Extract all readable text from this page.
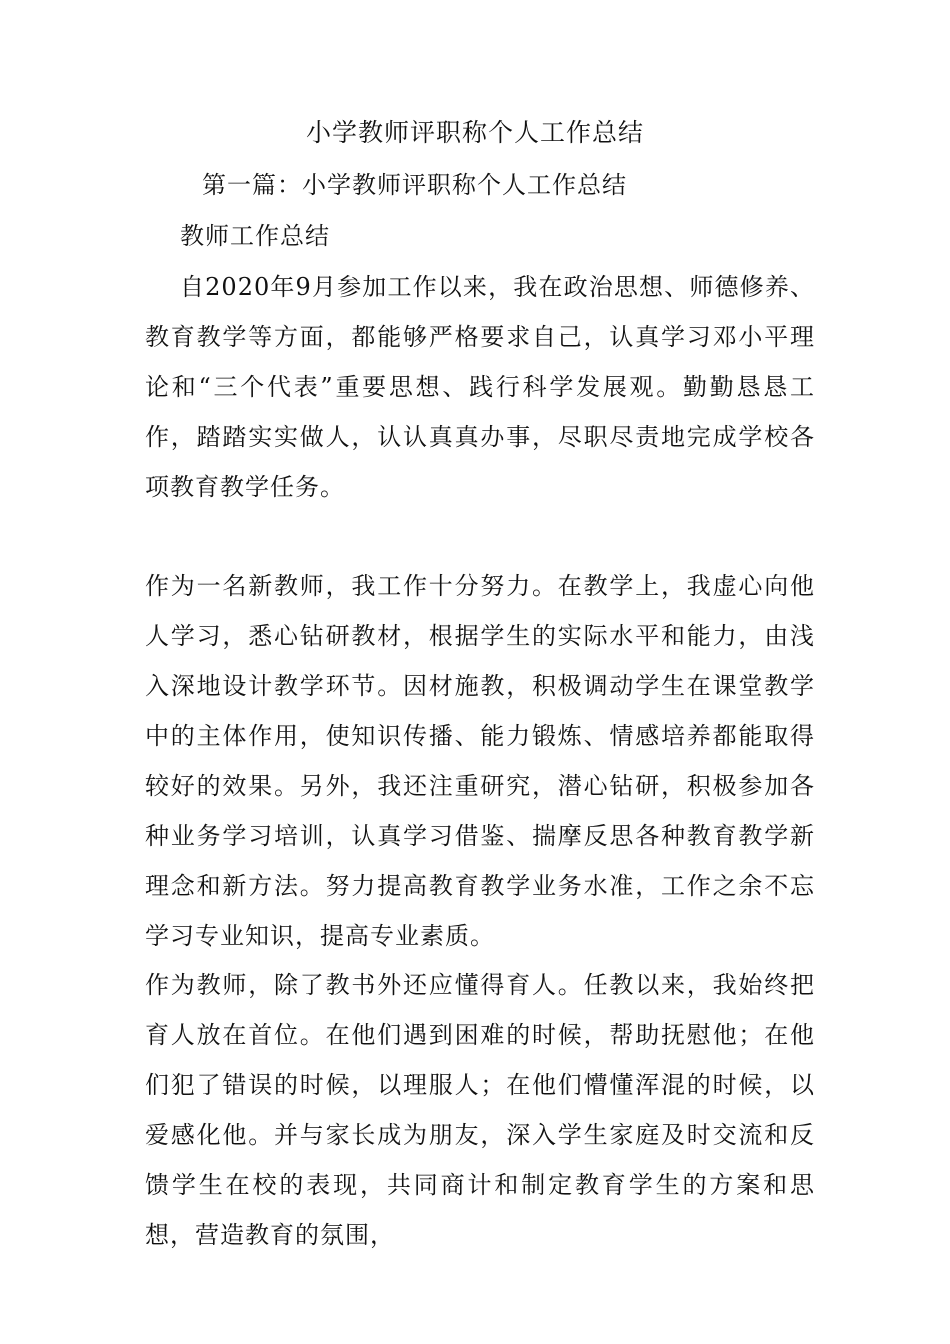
小学教师评职称个人工作总结
第一篇：小学教师评职称个人工作总结
教师工作总结

自2020年9月参加工作以来，我在政治思想、师德修养、教育教学等方面，都能够严格要求自己，认真学习邓小平理论和“三个代表”重要思想、践行科学发展观。勤勤恳恳工作，踏踏实实做人，认认真真办事，尽职尽责地完成学校各项教育教学任务。

作为一名新教师，我工作十分努力。在教学上，我虚心向他人学习，悉心钻研教材，根据学生的实际水平和能力，由浅入深地设计教学环节。因材施教，积极调动学生在课堂教学中的主体作用，使知识传播、能力锻炼、情感培养都能取得较好的效果。另外，我还注重研究，潜心钻研，积极参加各种业务学习培训，认真学习借鉴、揣摩反思各种教育教学新理念和新方法。努力提高教育教学业务水准，工作之余不忘学习专业知识，提高专业素质。

作为教师，除了教书外还应懂得育人。任教以来，我始终把育人放在首位。在他们遇到困难的时候，帮助抚慰他；在他们犯了错误的时候，以理服人；在他们懵懂浑混的时候，以爱感化他。并与家长成为朋友，深入学生家庭及时交流和反馈学生在校的表现，共同商计和制定教育学生的方案和思想，营造教育的氛围，
